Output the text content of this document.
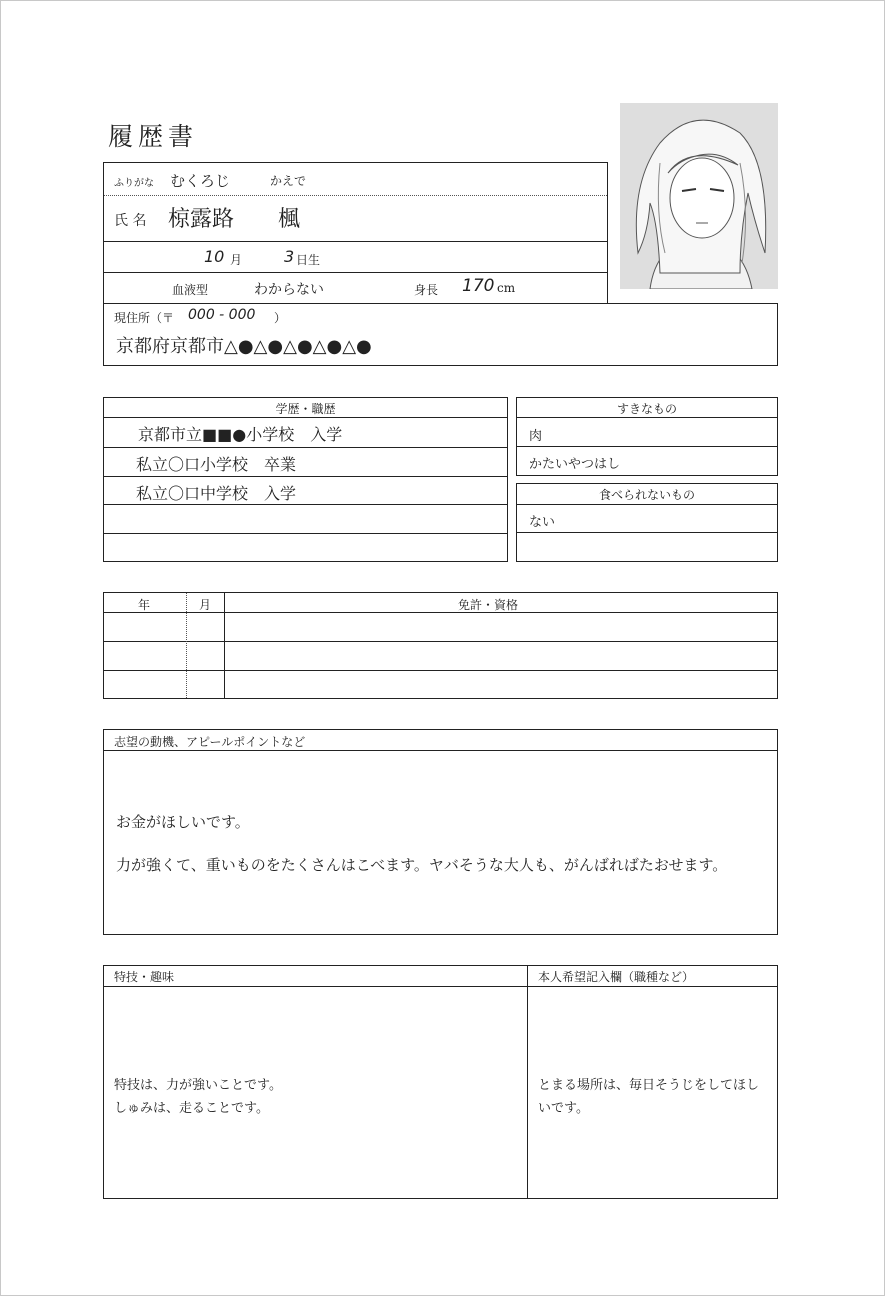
履歴書
ふりがな むくろじ	かえで
氏 名 椋露路 楓
10 月	3 日生
血液型	わからない	身長 170 cm
現住所（〒 000 - 000 ）
京都府京都市△●△●△●△●△●
学歴・職歴
京都市立■■●小学校　入学
私立〇口小学校　卒業
私立〇口中学校　入学
すきなもの
肉
かたいやつはし
食べられないもの
ない
年	月	免許・資格
志望の動機、アピールポイントなど
お金がほしいです。
力が強くて、重いものをたくさんはこべます。ヤバそうな大人も、がんばればたおせます。
特技・趣味
特技は、力が強いことです。
しゅみは、走ることです。
本人希望記入欄（職種など）
とまる場所は、毎日そうじをしてほし
いです。
